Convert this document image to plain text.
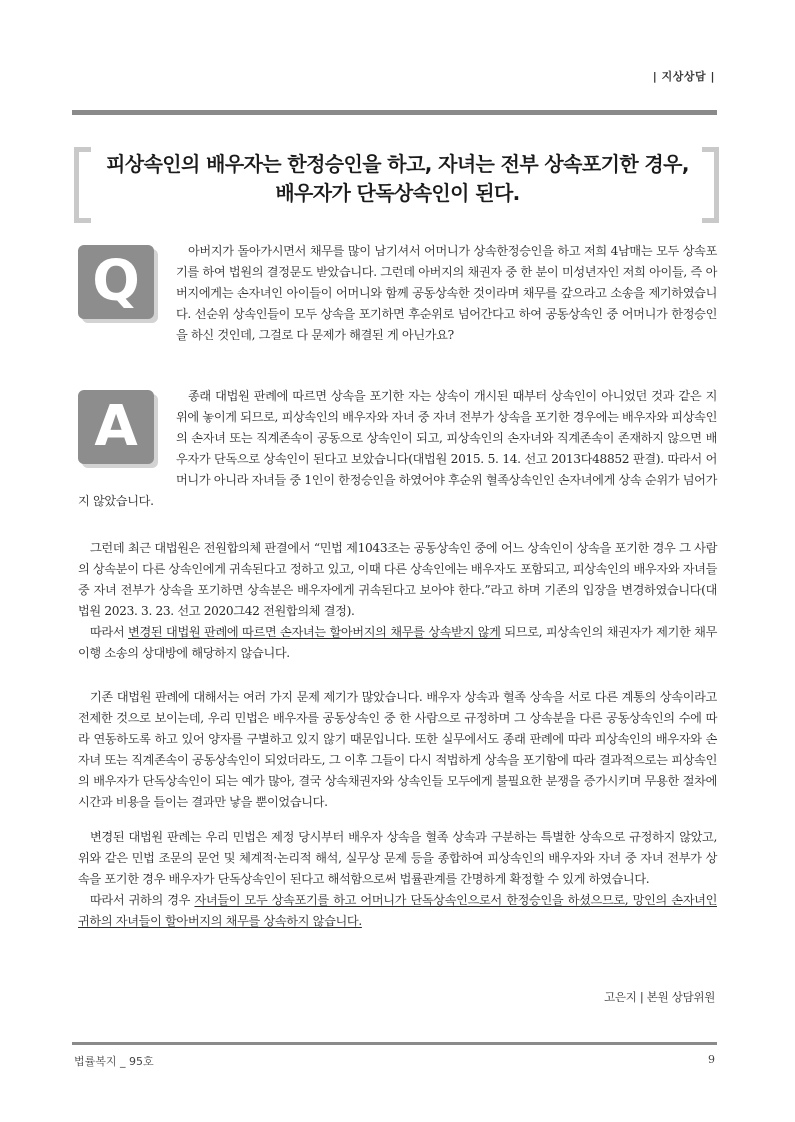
| 지상상담 |
피상속인의 배우자는 한정승인을 하고, 자녀는 전부 상속포기한 경우,
배우자가 단독상속인이 된다.
Q	아버지가 돌아가시면서 채무를 많이 남기셔서 어머니가 상속한정승인을 하고 저희 4남매는 모두 상속포기를 하여 법원의 결정문도 받았습니다. 그런데 아버지의 채권자 중 한 분이 미성년자인 저희 아이들, 즉 아버지에게는 손자녀인 아이들이 어머니와 함께 공동상속한 것이라며 채무를 갚으라고 소송을 제기하였습니다. 선순위 상속인들이 모두 상속을 포기하면 후순위로 넘어간다고 하여 공동상속인 중 어머니가 한정승인을 하신 것인데, 그걸로 다 문제가 해결된 게 아닌가요?

A	종래 대법원 판례에 따르면 상속을 포기한 자는 상속이 개시된 때부터 상속인이 아니었던 것과 같은 지위에 놓이게 되므로, 피상속인의 배우자와 자녀 중 자녀 전부가 상속을 포기한 경우에는 배우자와 피상속인의 손자녀 또는 직계존속이 공동으로 상속인이 되고, 피상속인의 손자녀와 직계존속이 존재하지 않으면 배우자가 단독으로 상속인이 된다고 보았습니다(대법원 2015. 5. 14. 선고 2013다48852 판결). 따라서 어머니가 아니라 자녀들 중 1인이 한정승인을 하였어야 후순위 혈족상속인인 손자녀에게 상속 순위가 넘어가지 않았습니다.

그런데 최근 대법원은 전원합의체 판결에서 “민법 제1043조는 공동상속인 중에 어느 상속인이 상속을 포기한 경우 그 사람의 상속분이 다른 상속인에게 귀속된다고 정하고 있고, 이때 다른 상속인에는 배우자도 포함되고, 피상속인의 배우자와 자녀들 중 자녀 전부가 상속을 포기하면 상속분은 배우자에게 귀속된다고 보아야 한다.”라고 하며 기존의 입장을 변경하였습니다(대법원 2023. 3. 23. 선고 2020그42 전원합의체 결정).
따라서 변경된 대법원 판례에 따르면 손자녀는 할아버지의 채무를 상속받지 않게 되므로, 피상속인의 채권자가 제기한 채무이행 소송의 상대방에 해당하지 않습니다.

기존 대법원 판례에 대해서는 여러 가지 문제 제기가 많았습니다. 배우자 상속과 혈족 상속을 서로 다른 계통의 상속이라고 전제한 것으로 보이는데, 우리 민법은 배우자를 공동상속인 중 한 사람으로 규정하며 그 상속분을 다른 공동상속인의 수에 따라 연동하도록 하고 있어 양자를 구별하고 있지 않기 때문입니다. 또한 실무에서도 종래 판례에 따라 피상속인의 배우자와 손자녀 또는 직계존속이 공동상속인이 되었더라도, 그 이후 그들이 다시 적법하게 상속을 포기함에 따라 결과적으로는 피상속인의 배우자가 단독상속인이 되는 예가 많아, 결국 상속채권자와 상속인들 모두에게 불필요한 분쟁을 증가시키며 무용한 절차에 시간과 비용을 들이는 결과만 낳을 뿐이었습니다.

변경된 대법원 판례는 우리 민법은 제정 당시부터 배우자 상속을 혈족 상속과 구분하는 특별한 상속으로 규정하지 않았고, 위와 같은 민법 조문의 문언 및 체계적·논리적 해석, 실무상 문제 등을 종합하여 피상속인의 배우자와 자녀 중 자녀 전부가 상속을 포기한 경우 배우자가 단독상속인이 된다고 해석함으로써 법률관계를 간명하게 확정할 수 있게 하였습니다.
따라서 귀하의 경우 자녀들이 모두 상속포기를 하고 어머니가 단독상속인으로서 한정승인을 하셨으므로, 망인의 손자녀인 귀하의 자녀들이 할아버지의 채무를 상속하지 않습니다.
고은지 | 본원 상담위원
법률복지 _ 95호	9
